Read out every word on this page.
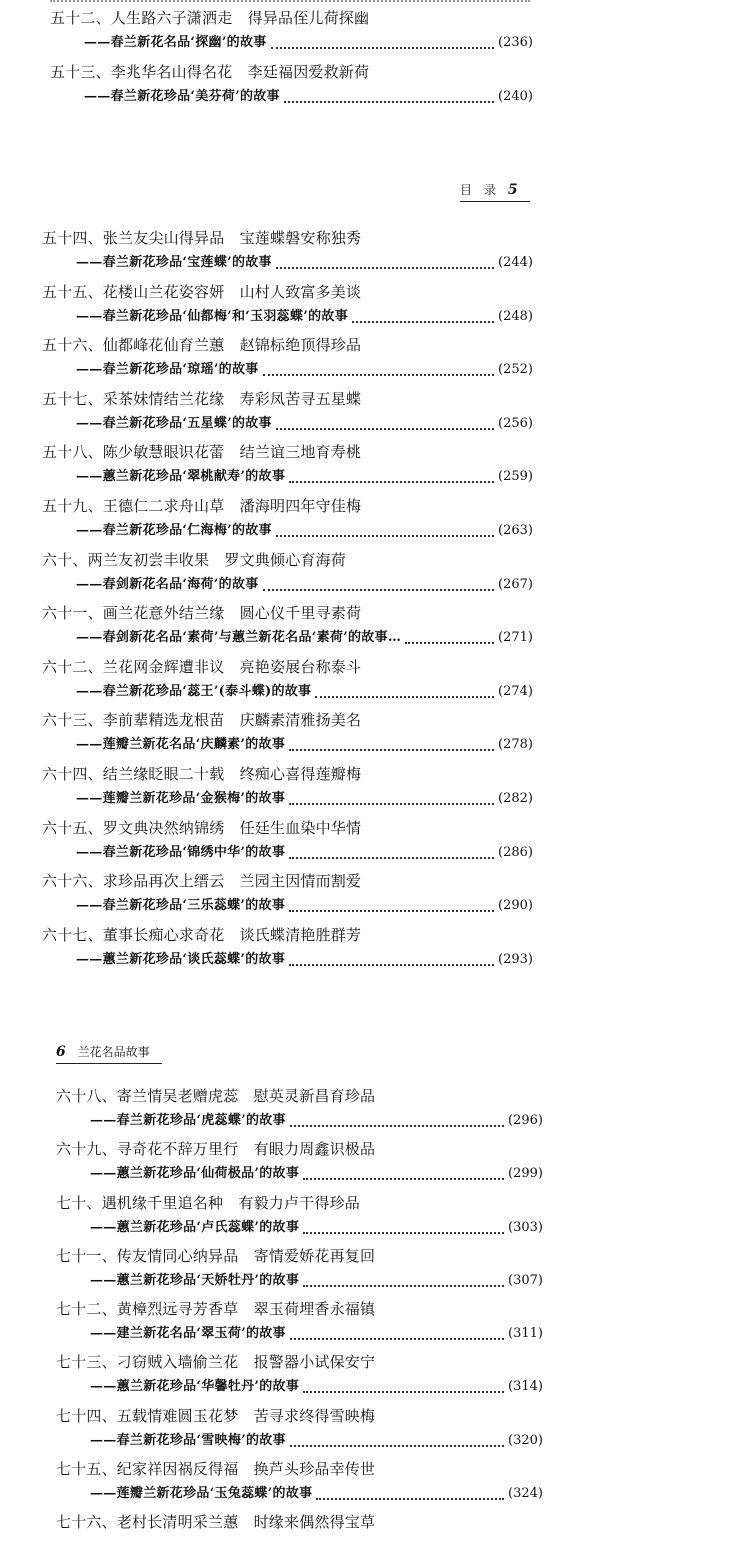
五十二、人生路六子潇洒走　得异品侄儿荷探幽
——春兰新花名品‘探幽’的故事	(236)
五十三、李兆华名山得名花　李廷福因爱救新荷
——春兰新花珍品‘美芬荷’的故事	(240)
目　录 5
五十四、张兰友尖山得异品　宝莲蝶磐安称独秀
——春兰新花珍品‘宝莲蝶’的故事	(244)
五十五、花楼山兰花姿容妍　山村人致富多美谈
——春兰新花珍品‘仙都梅’和‘玉羽蕊蝶’的故事	(248)
五十六、仙都峰花仙育兰蕙　赵锦标绝顶得珍品
——春兰新花珍品‘琼瑶’的故事	(252)
五十七、采茶妹情结兰花缘　寿彩凤苦寻五星蝶
——春兰新花珍品‘五星蝶’的故事	(256)
五十八、陈少敏慧眼识花蕾　结兰谊三地育寿桃
——蕙兰新花珍品‘翠桃献寿’的故事	(259)
五十九、王德仁二求舟山草　潘海明四年守佳梅
——春兰新花珍品‘仁海梅’的故事	(263)
六十、两兰友初尝丰收果　罗文典倾心育海荷
——春剑新花名品‘海荷’的故事	(267)
六十一、画兰花意外结兰缘　圆心仪千里寻素荷
——春剑新花名品‘素荷’与蕙兰新花名品‘素荷’的故事…	(271)
六十二、兰花网金辉遭非议　亮艳姿展台称泰斗
——春兰新花珍品‘蕊王’(泰斗蝶)的故事	(274)
六十三、李前辈精选龙根苗　庆麟素清雅扬美名
——莲瓣兰新花名品‘庆麟素’的故事	(278)
六十四、结兰缘眨眼二十载　终痴心喜得莲瓣梅
——莲瓣兰新花珍品‘金猴梅’的故事	(282)
六十五、罗文典决然纳锦绣　任廷生血染中华情
——春兰新花珍品‘锦绣中华’的故事	(286)
六十六、求珍品再次上缙云　兰园主因情而割爱
——春兰新花珍品‘三乐蕊蝶’的故事	(290)
六十七、董事长痴心求奇花　谈氏蝶清艳胜群芳
——蕙兰新花珍品‘谈氏蕊蝶’的故事	(293)
6 兰花名品故事
六十八、寄兰情吴老赠虎蕊　慰英灵新昌育珍品
——春兰新花珍品‘虎蕊蝶’的故事	(296)
六十九、寻奇花不辞万里行　有眼力周鑫识极品
——蕙兰新花珍品‘仙荷极品’的故事	(299)
七十、遇机缘千里追名种　有毅力卢干得珍品
——蕙兰新花珍品‘卢氏蕊蝶’的故事	(303)
七十一、传友情同心纳异品　寄情爱娇花再复回
——蕙兰新花珍品‘天娇牡丹’的故事	(307)
七十二、黄樟烈远寻芳香草　翠玉荷埋香永福镇
——建兰新花名品‘翠玉荷’的故事	(311)
七十三、刁窃贼入墙偷兰花　报警器小试保安宁
——蕙兰新花珍品‘华馨牡丹’的故事	(314)
七十四、五载情难圆玉花梦　苦寻求终得雪映梅
——春兰新花珍品‘雪映梅’的故事	(320)
七十五、纪家祥因祸反得福　换芦头珍品幸传世
——莲瓣兰新花珍品‘玉兔蕊蝶’的故事	(324)
七十六、老村长清明采兰蕙　时缘来偶然得宝草
